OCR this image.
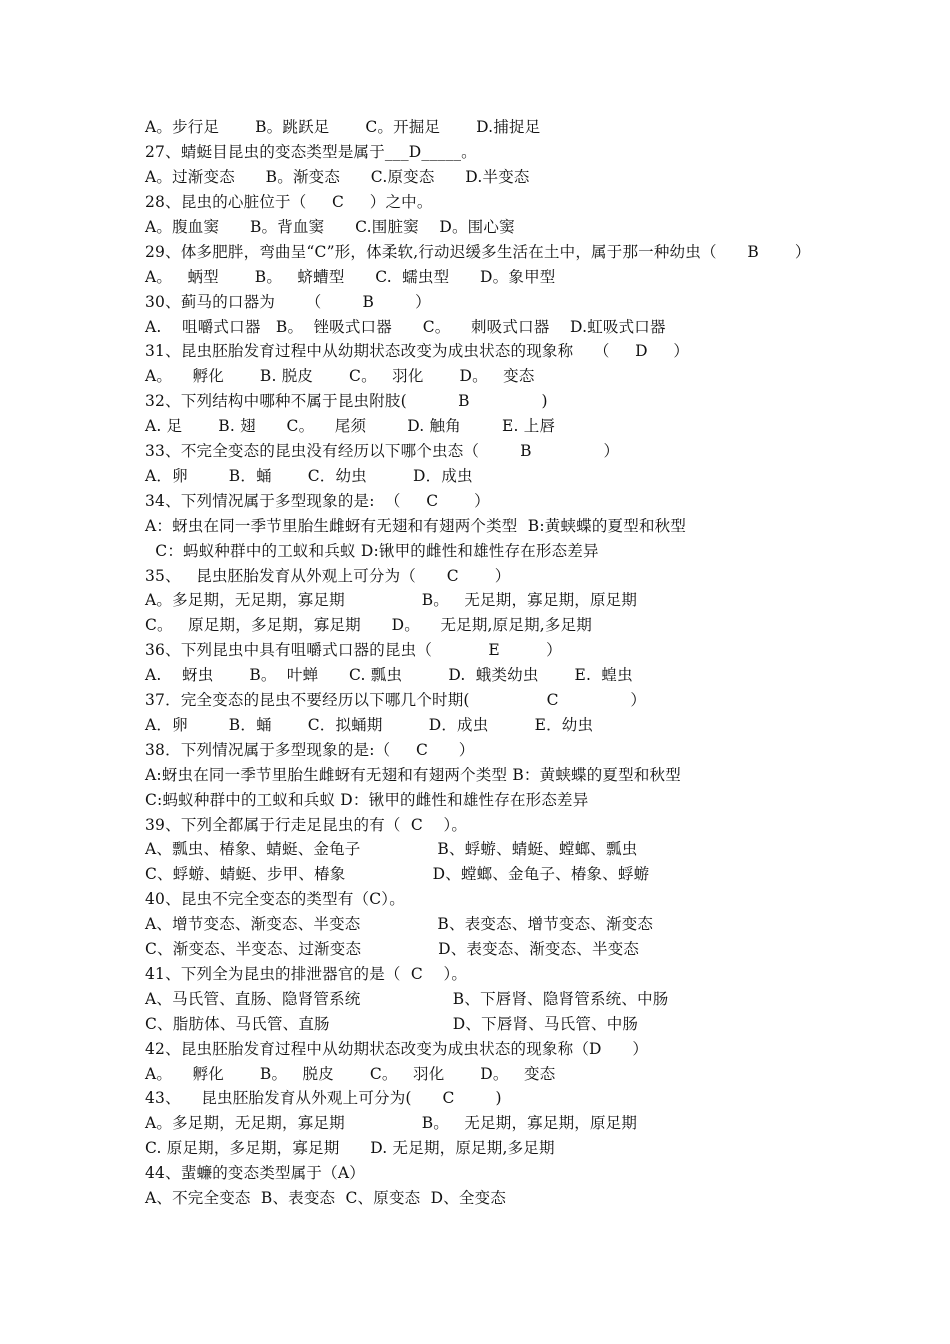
A。步行足       B。跳跃足       C。开掘足       D.捕捉足
27、蜻蜓目昆虫的变态类型是属于___D_____。
A。过渐变态      B。渐变态      C.原变态      D.半变态
28、昆虫的心脏位于（     C     ）之中。
A。腹血窦      B。背血窦      C.围脏窦    D。围心窦
29、体多肥胖，弯曲呈“C”形，体柔软,行动迟缓多生活在土中，属于那一种幼虫（      B       ）
A。   蛃型       B。   蛴螬型      C.  蠕虫型      D。象甲型
30、蓟马的口器为      （        B        ）
A.    咀嚼式口器   B。  锉吸式口器      C。    刺吸式口器    D.虹吸式口器
31、昆虫胚胎发育过程中从幼期状态改变为成虫状态的现象称    （     D     ）
A。    孵化       B. 脱皮       C。   羽化       D。   变态
32、下列结构中哪种不属于昆虫附肢(          B              )
A. 足       B. 翅      C。    尾须        D. 触角        E. 上唇
33、不完全变态的昆虫没有经历以下哪个虫态（        B              ）
A．卵        B．蛹       C．幼虫         D．成虫
34、下列情况属于多型现象的是:  （     C       ）
A：蚜虫在同一季节里胎生雌蚜有无翅和有翅两个类型  B:黄蛱蝶的夏型和秋型
C：蚂蚁种群中的工蚁和兵蚁 D:锹甲的雌性和雄性存在形态差异
35、   昆虫胚胎发育从外观上可分为（      C       ）
A。多足期，无足期，寡足期               B。   无足期，寡足期，原足期
C。   原足期，多足期，寡足期      D。    无足期,原足期,多足期
36、下列昆虫中具有咀嚼式口器的昆虫（           E         ）
A.    蚜虫       B。  叶蝉      C. 瓢虫         D.  蛾类幼虫       E.  蝗虫
37．完全变态的昆虫不要经历以下哪几个时期(               C              ）
A．卵        B．蛹       C．拟蛹期         D．成虫         E．幼虫
38．下列情况属于多型现象的是:（     C      ）
A:蚜虫在同一季节里胎生雌蚜有无翅和有翅两个类型 B：黄蛱蝶的夏型和秋型
C:蚂蚁种群中的工蚁和兵蚁 D：锹甲的雌性和雄性存在形态差异
39、下列全都属于行走足昆虫的有（  C    ）。
A、瓢虫、椿象、蜻蜓、金龟子               B、蜉蝣、蜻蜓、螳螂、瓢虫
C、蜉蝣、蜻蜓、步甲、椿象                 D、螳螂、金龟子、椿象、蜉蝣
40、昆虫不完全变态的类型有（C）。
A、增节变态、渐变态、半变态               B、表变态、增节变态、渐变态
C、渐变态、半变态、过渐变态               D、表变态、渐变态、半变态
41、下列全为昆虫的排泄器官的是（  C    ）。
A、马氏管、直肠、隐肾管系统                  B、下唇肾、隐肾管系统、中肠
C、脂肪体、马氏管、直肠                        D、下唇肾、马氏管、中肠
42、昆虫胚胎发育过程中从幼期状态改变为成虫状态的现象称（D      ）
A。    孵化       B。   脱皮       C。   羽化       D。   变态
43、    昆虫胚胎发育从外观上可分为(      C        )
A。多足期，无足期，寡足期               B。   无足期，寡足期，原足期
C. 原足期，多足期，寡足期      D. 无足期，原足期,多足期
44、蜚蠊的变态类型属于（A）
A、不完全变态  B、表变态  C、原变态  D、全变态
